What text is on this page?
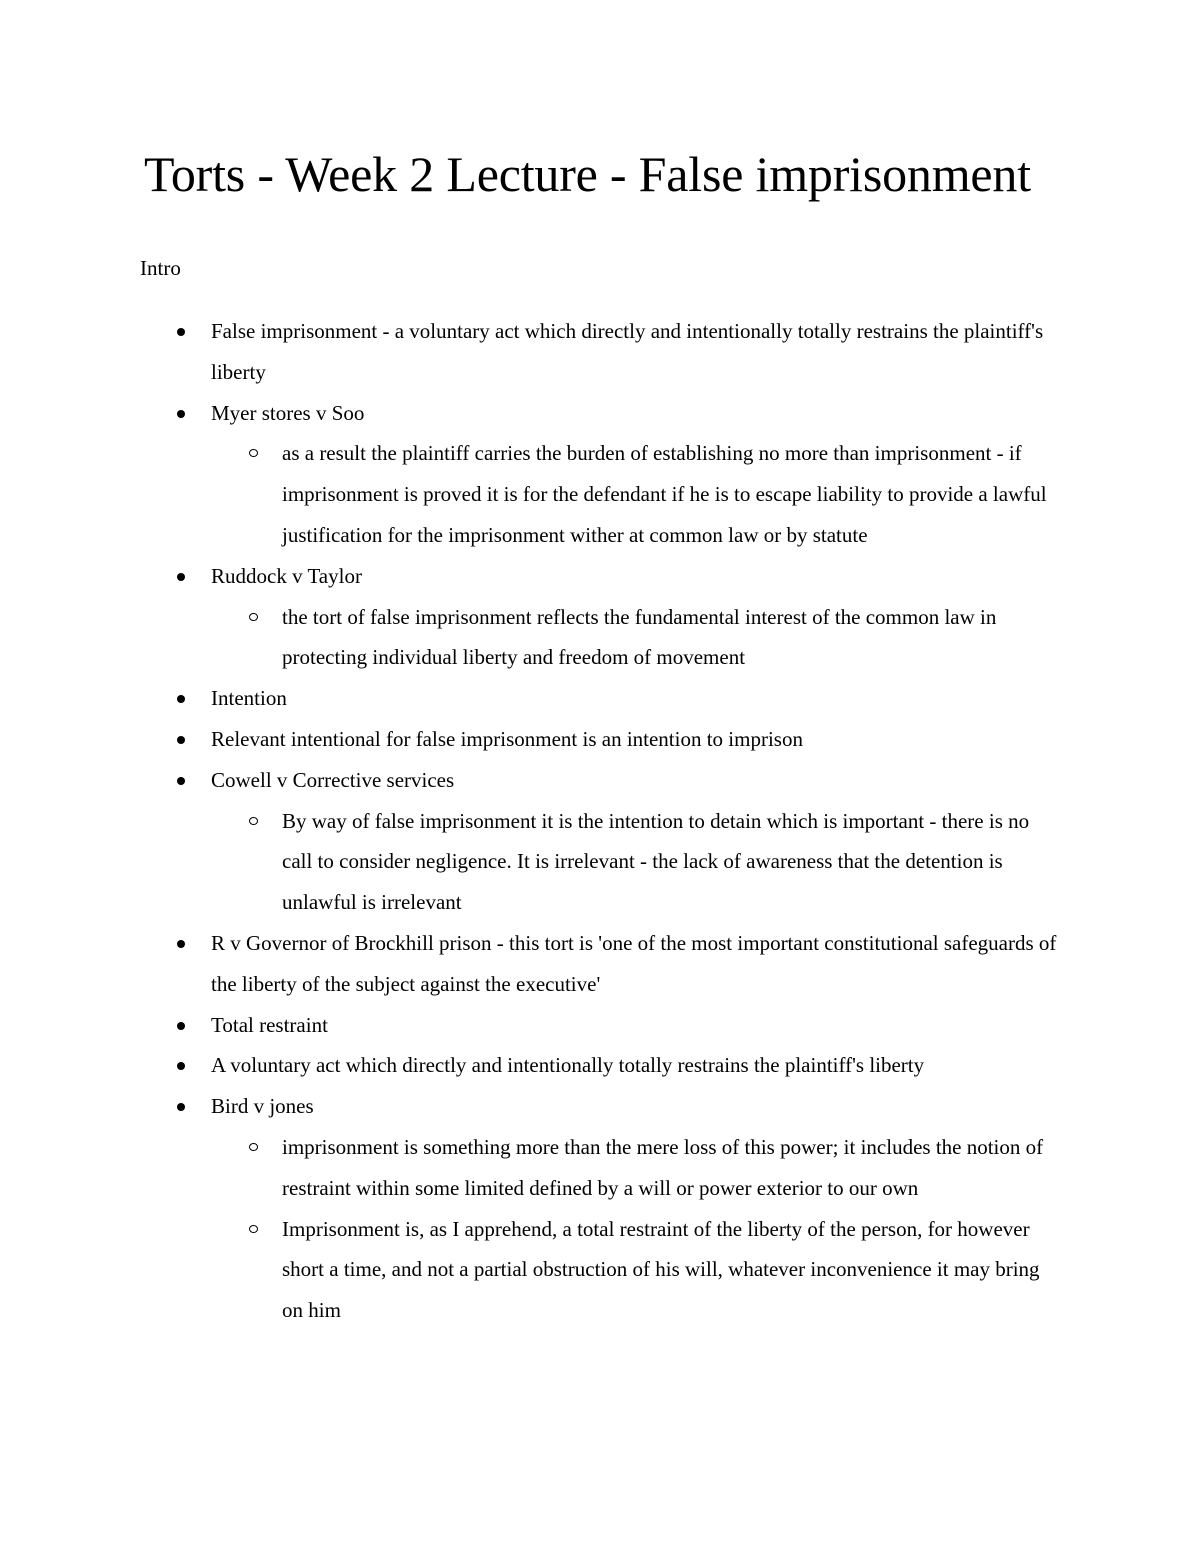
Torts - Week 2 Lecture - False imprisonment

Intro

False imprisonment - a voluntary act which directly and intentionally totally restrains the plaintiff's liberty
Myer stores v Soo
as a result the plaintiff carries the burden of establishing no more than imprisonment - if imprisonment is proved it is for the defendant if he is to escape liability to provide a lawful justification for the imprisonment wither at common law or by statute
Ruddock v Taylor
the tort of false imprisonment reflects the fundamental interest of the common law in protecting individual liberty and freedom of movement
Intention
Relevant intentional for false imprisonment is an intention to imprison
Cowell v Corrective services
By way of false imprisonment it is the intention to detain which is important - there is no call to consider negligence. It is irrelevant - the lack of awareness that the detention is unlawful is irrelevant
R v Governor of Brockhill prison - this tort is 'one of the most important constitutional safeguards of the liberty of the subject against the executive'
Total restraint
A voluntary act which directly and intentionally totally restrains the plaintiff's liberty
Bird v jones
imprisonment is something more than the mere loss of this power; it includes the notion of restraint within some limited defined by a will or power exterior to our own
Imprisonment is, as I apprehend, a total restraint of the liberty of the person, for however short a time, and not a partial obstruction of his will, whatever inconvenience it may bring on him
